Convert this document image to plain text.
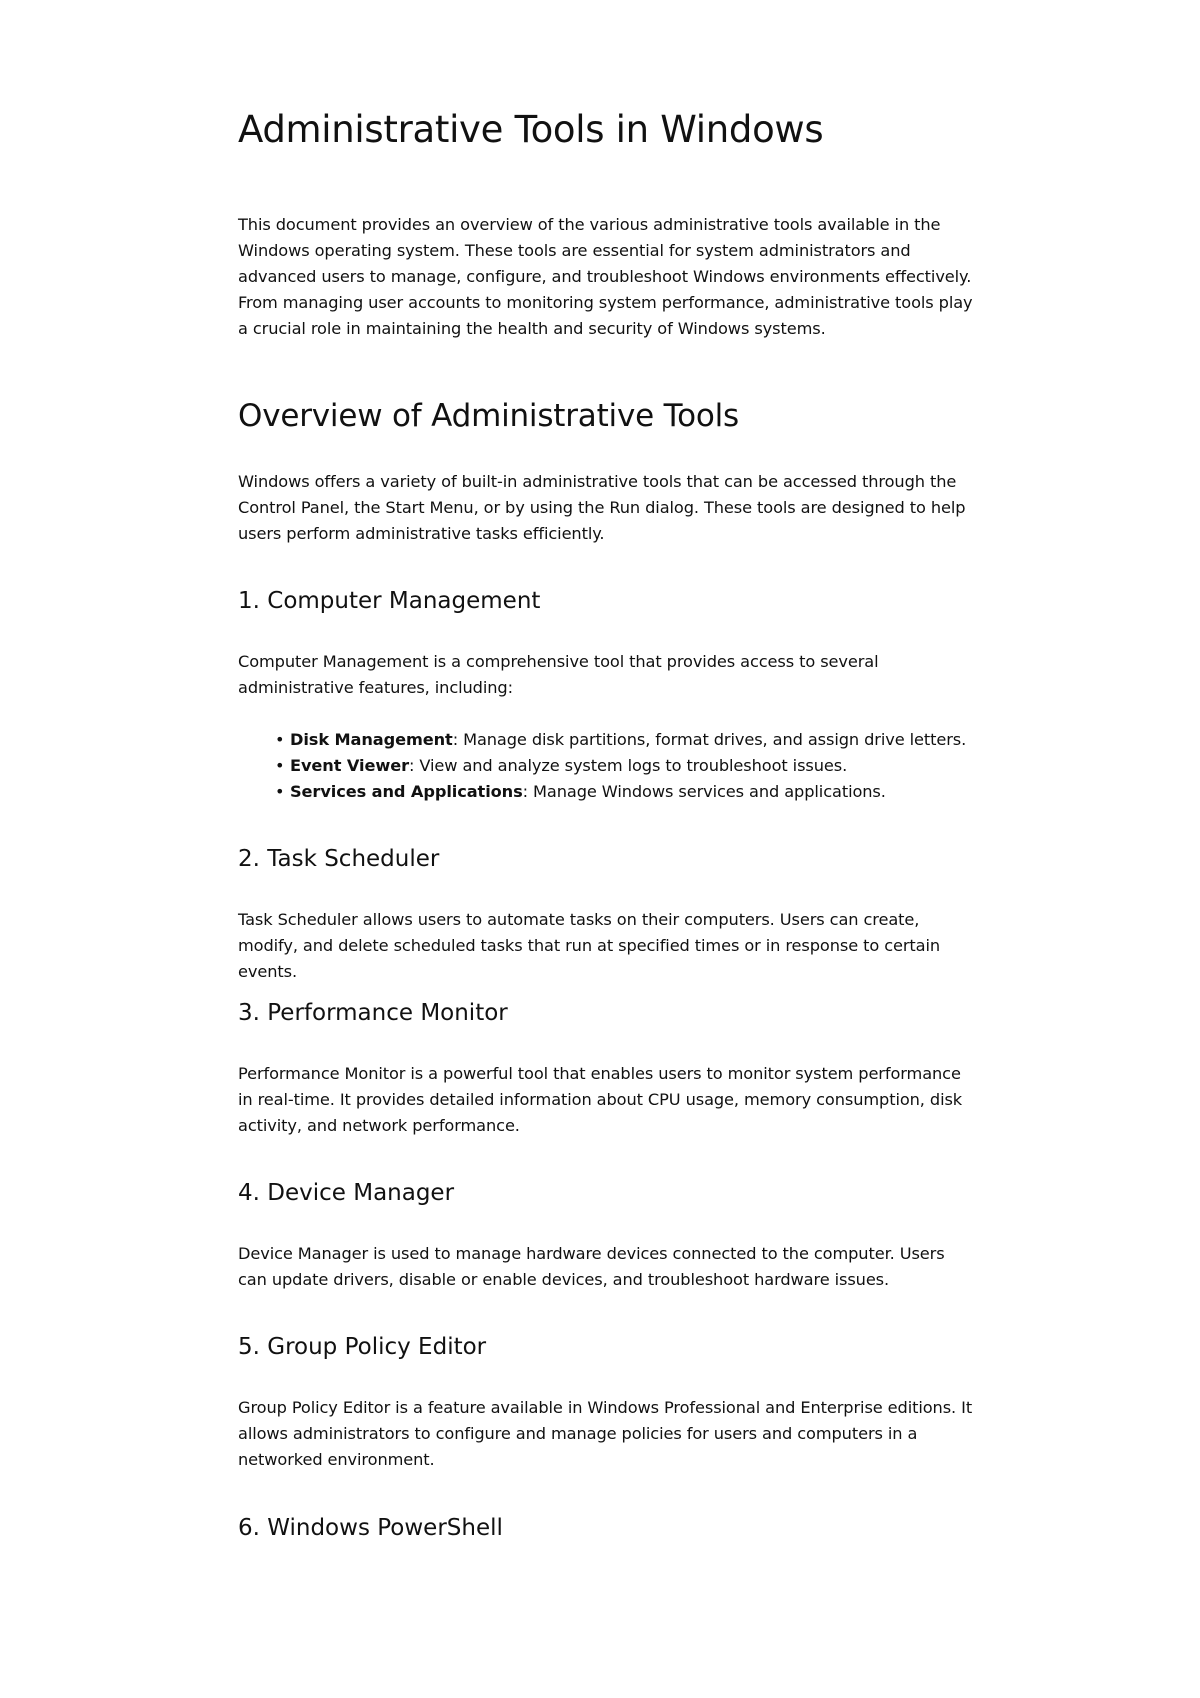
Administrative Tools in Windows

This document provides an overview of the various administrative tools available in the Windows operating system. These tools are essential for system administrators and advanced users to manage, configure, and troubleshoot Windows environments effectively. From managing user accounts to monitoring system performance, administrative tools play a crucial role in maintaining the health and security of Windows systems.

Overview of Administrative Tools

Windows offers a variety of built-in administrative tools that can be accessed through the Control Panel, the Start Menu, or by using the Run dialog. These tools are designed to help users perform administrative tasks efficiently.

1. Computer Management

Computer Management is a comprehensive tool that provides access to several administrative features, including:

• Disk Management: Manage disk partitions, format drives, and assign drive letters.
• Event Viewer: View and analyze system logs to troubleshoot issues.
• Services and Applications: Manage Windows services and applications.
2. Task Scheduler

Task Scheduler allows users to automate tasks on their computers. Users can create, modify, and delete scheduled tasks that run at specified times or in response to certain events.

3. Performance Monitor

Performance Monitor is a powerful tool that enables users to monitor system performance in real-time. It provides detailed information about CPU usage, memory consumption, disk activity, and network performance.

4. Device Manager

Device Manager is used to manage hardware devices connected to the computer. Users can update drivers, disable or enable devices, and troubleshoot hardware issues.

5. Group Policy Editor

Group Policy Editor is a feature available in Windows Professional and Enterprise editions. It allows administrators to configure and manage policies for users and computers in a networked environment.

6. Windows PowerShell
